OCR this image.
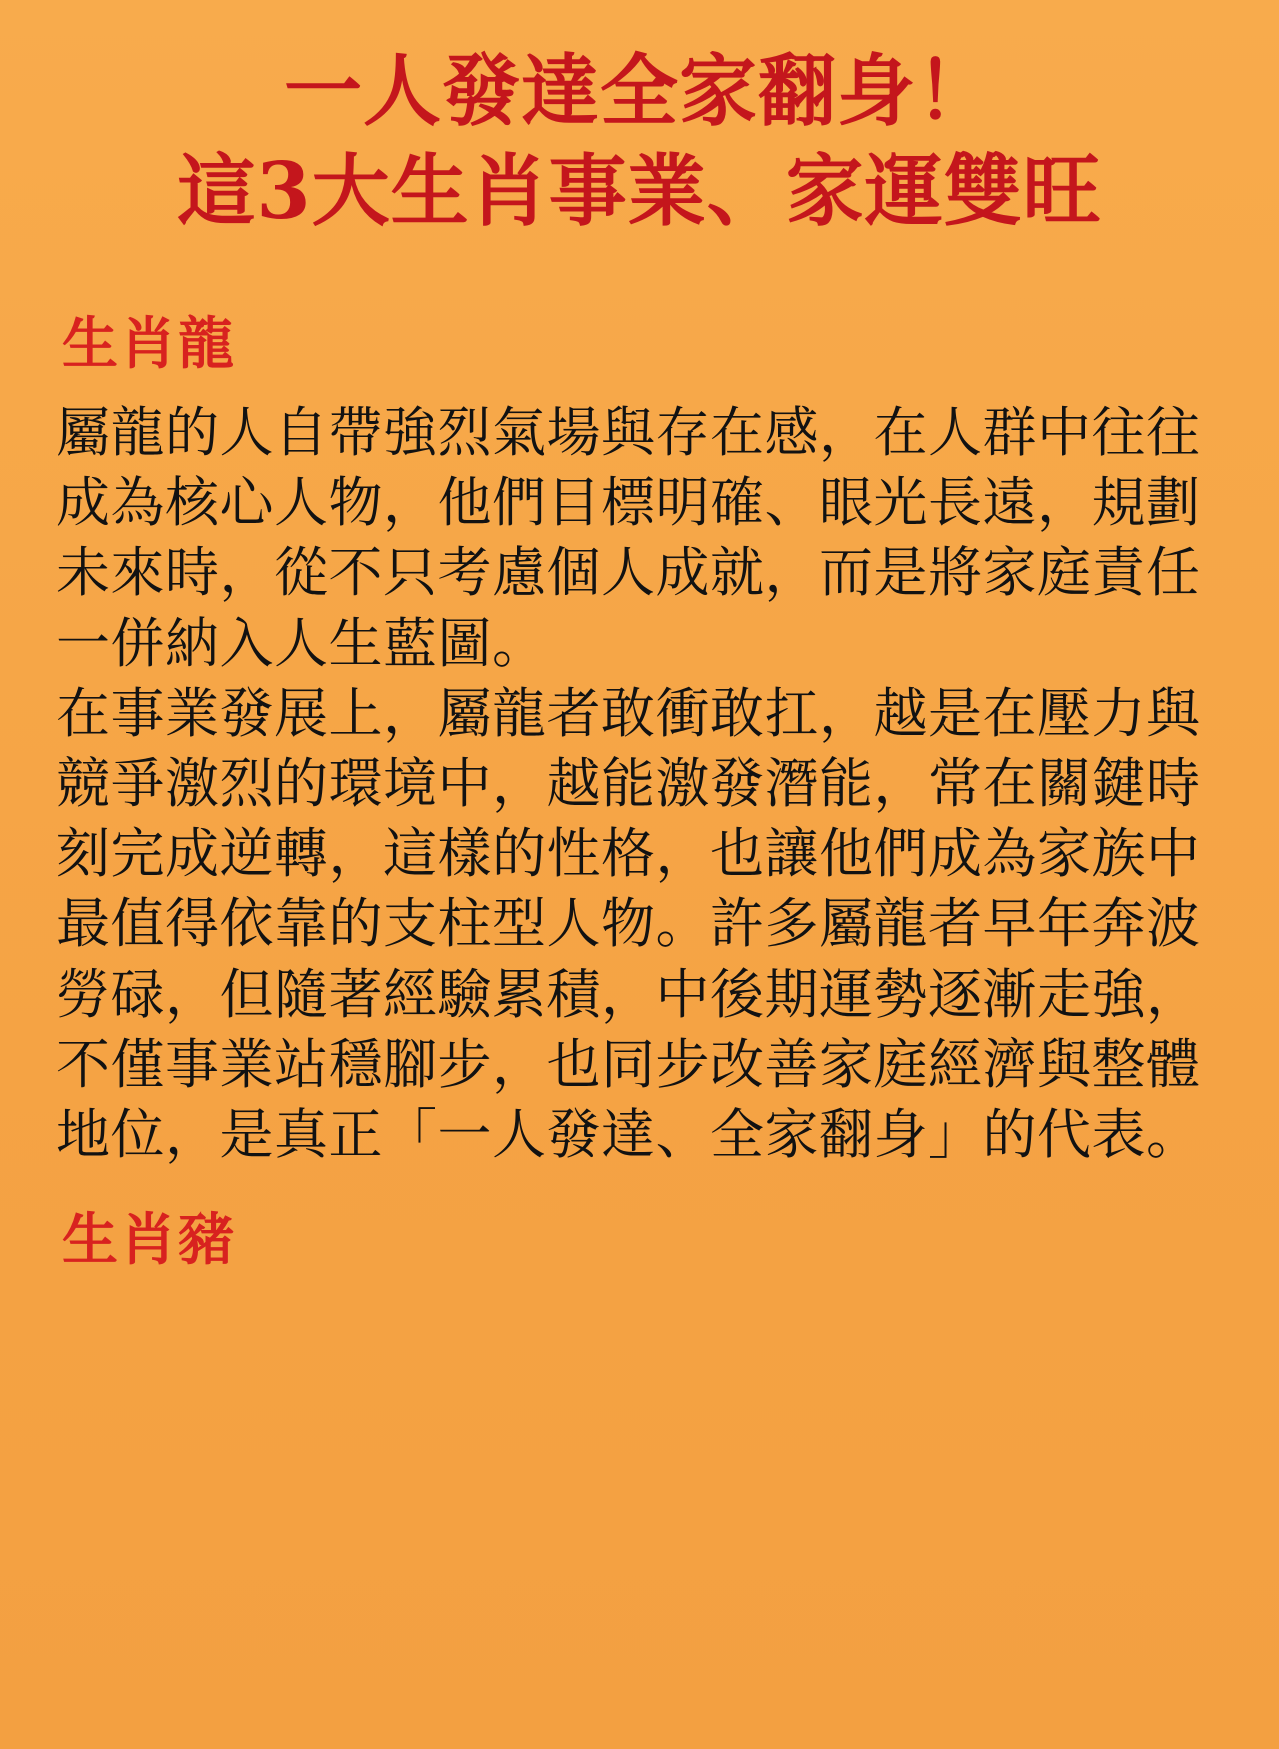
一人發達全家翻身！
這3大生肖事業、家運雙旺
生肖龍

屬龍的人自帶強烈氣場與存在感，在人群中往往成為核心人物，他們目標明確、眼光長遠，規劃未來時，從不只考慮個人成就，而是將家庭責任一併納入人生藍圖。

在事業發展上，屬龍者敢衝敢扛，越是在壓力與競爭激烈的環境中，越能激發潛能，常在關鍵時刻完成逆轉，這樣的性格，也讓他們成為家族中最值得依靠的支柱型人物。許多屬龍者早年奔波勞碌，但隨著經驗累積，中後期運勢逐漸走強，不僅事業站穩腳步，也同步改善家庭經濟與整體地位，是真正「一人發達、全家翻身」的代表。

生肖豬
